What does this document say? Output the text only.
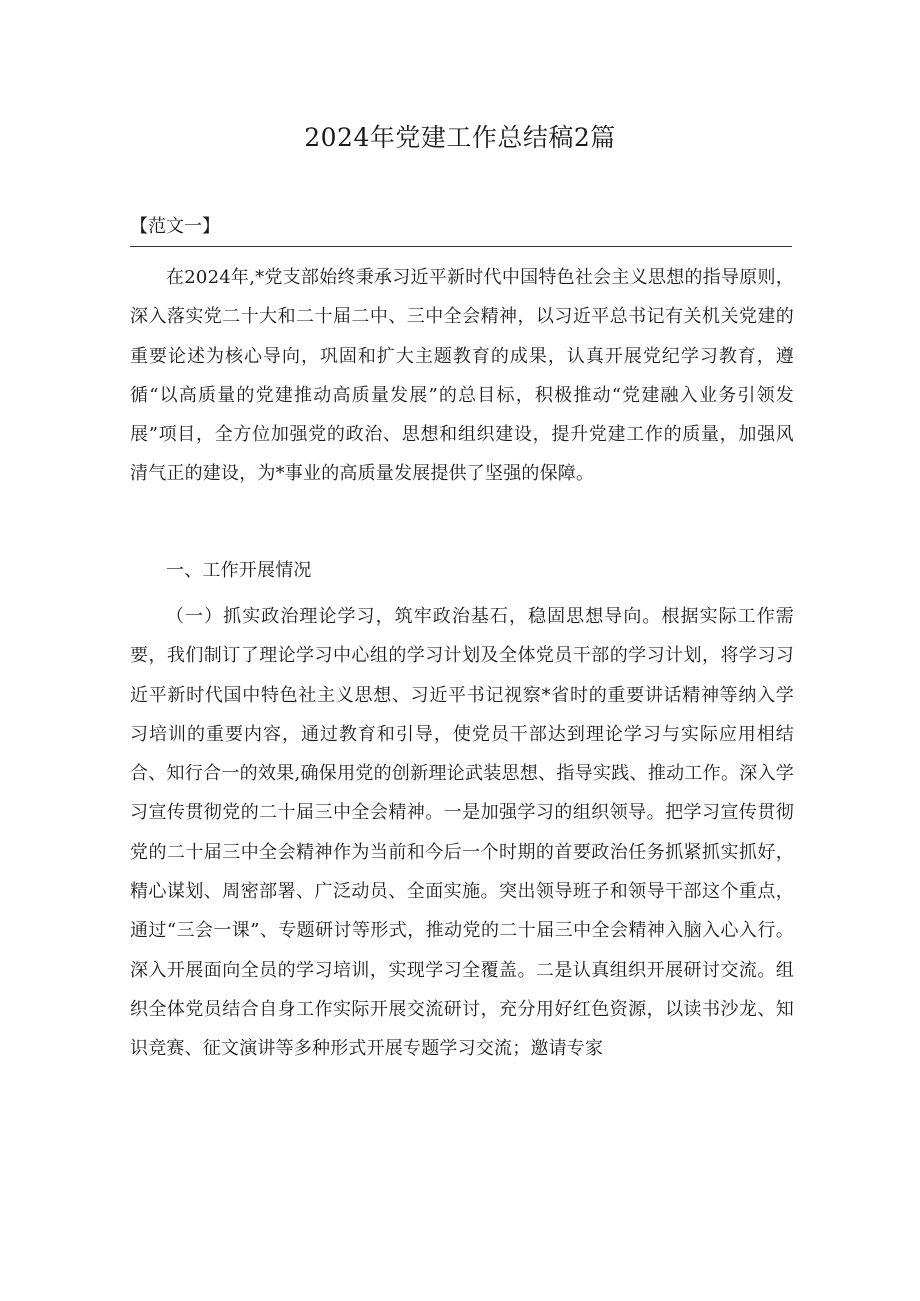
2024年党建工作总结稿2篇
【范文一】

在2024年,*党支部始终秉承习近平新时代中国特色社会主义思想的指导原则，深入落实党二十大和二十届二中、三中全会精神，以习近平总书记有关机关党建的重要论述为核心导向，巩固和扩大主题教育的成果，认真开展党纪学习教育，遵循“以高质量的党建推动高质量发展”的总目标，积极推动“党建融入业务引领发展”项目，全方位加强党的政治、思想和组织建设，提升党建工作的质量，加强风清气正的建设，为*事业的高质量发展提供了坚强的保障。

一、工作开展情况

（一）抓实政治理论学习，筑牢政治基石，稳固思想导向。根据实际工作需要，我们制订了理论学习中心组的学习计划及全体党员干部的学习计划，将学习习近平新时代国中特色社主义思想、习近平书记视察*省时的重要讲话精神等纳入学习培训的重要内容，通过教育和引导，使党员干部达到理论学习与实际应用相结合、知行合一的效果,确保用党的创新理论武装思想、指导实践、推动工作。深入学习宣传贯彻党的二十届三中全会精神。一是加强学习的组织领导。把学习宣传贯彻党的二十届三中全会精神作为当前和今后一个时期的首要政治任务抓紧抓实抓好，精心谋划、周密部署、广泛动员、全面实施。突出领导班子和领导干部这个重点，通过“三会一课”、专题研讨等形式，推动党的二十届三中全会精神入脑入心入行。深入开展面向全员的学习培训，实现学习全覆盖。二是认真组织开展研讨交流。组织全体党员结合自身工作实际开展交流研讨，充分用好红色资源，以读书沙龙、知识竞赛、征文演讲等多种形式开展专题学习交流；邀请专家
